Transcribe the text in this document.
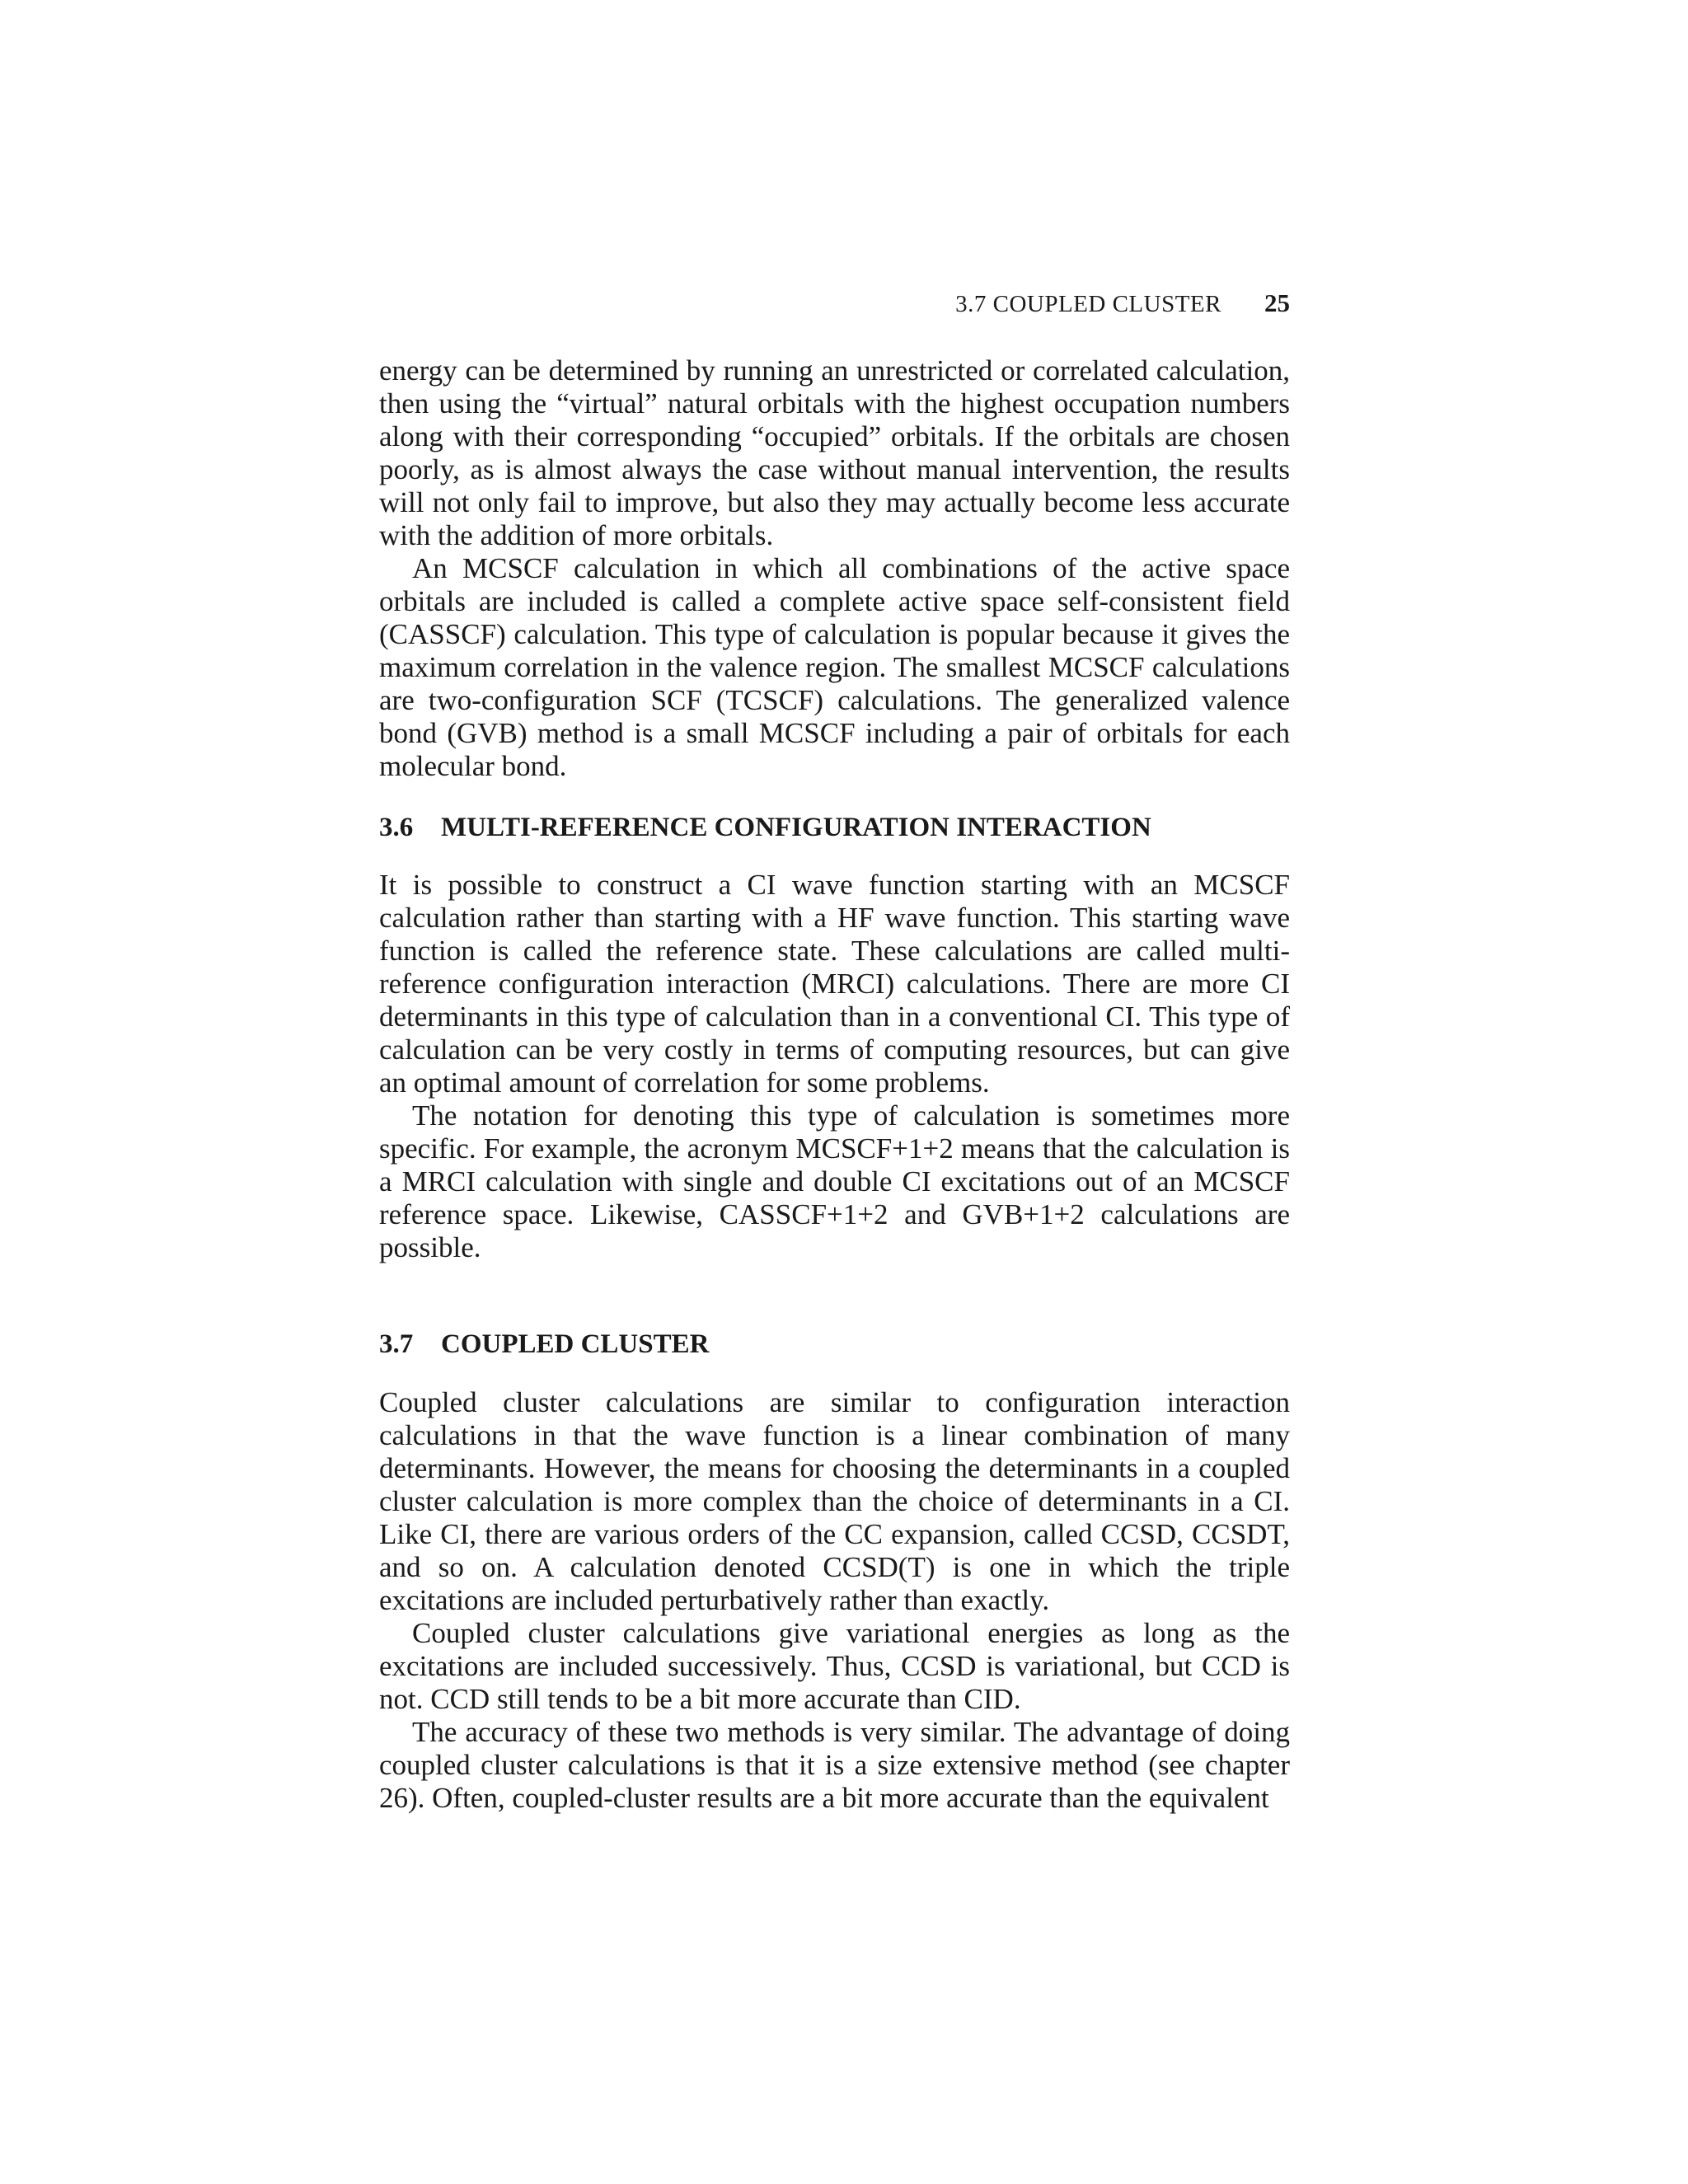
3.7 COUPLED CLUSTER 25

energy can be determined by running an unrestricted or correlated calculation, then using the “virtual” natural orbitals with the highest occupation numbers along with their corresponding “occupied” orbitals. If the orbitals are chosen poorly, as is almost always the case without manual intervention, the results will not only fail to improve, but also they may actually become less accurate with the addition of more orbitals.

An MCSCF calculation in which all combinations of the active space orbitals are included is called a complete active space self-consistent field (CASSCF) calculation. This type of calculation is popular because it gives the maximum correlation in the valence region. The smallest MCSCF calculations are two-configuration SCF (TCSCF) calculations. The generalized valence bond (GVB) method is a small MCSCF including a pair of orbitals for each molecular bond.

3.6 MULTI-REFERENCE CONFIGURATION INTERACTION

It is possible to construct a CI wave function starting with an MCSCF calculation rather than starting with a HF wave function. This starting wave function is called the reference state. These calculations are called multi-reference configuration interaction (MRCI) calculations. There are more CI determinants in this type of calculation than in a conventional CI. This type of calculation can be very costly in terms of computing resources, but can give an optimal amount of correlation for some problems.

The notation for denoting this type of calculation is sometimes more specific. For example, the acronym MCSCF+1+2 means that the calculation is a MRCI calculation with single and double CI excitations out of an MCSCF reference space. Likewise, CASSCF+1+2 and GVB+1+2 calculations are possible.

3.7 COUPLED CLUSTER

Coupled cluster calculations are similar to configuration interaction calculations in that the wave function is a linear combination of many determinants. However, the means for choosing the determinants in a coupled cluster calculation is more complex than the choice of determinants in a CI. Like CI, there are various orders of the CC expansion, called CCSD, CCSDT, and so on. A calculation denoted CCSD(T) is one in which the triple excitations are included perturbatively rather than exactly.

Coupled cluster calculations give variational energies as long as the excitations are included successively. Thus, CCSD is variational, but CCD is not. CCD still tends to be a bit more accurate than CID.

The accuracy of these two methods is very similar. The advantage of doing coupled cluster calculations is that it is a size extensive method (see chapter 26). Often, coupled-cluster results are a bit more accurate than the equivalent
